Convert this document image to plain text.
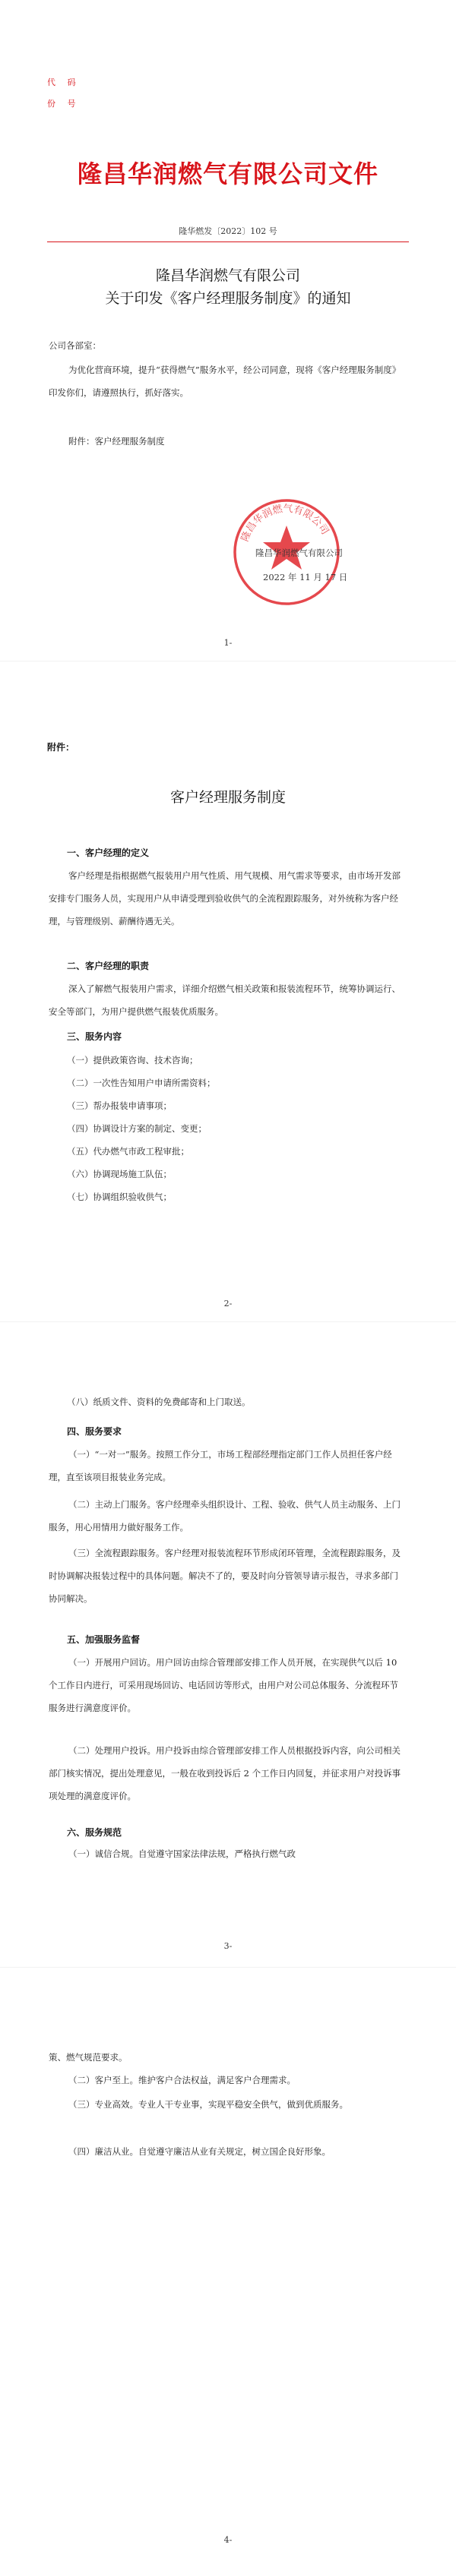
代 码
份 号
隆昌华润燃气有限公司文件
隆华燃发〔2022〕102 号
隆昌华润燃气有限公司
关于印发《客户经理服务制度》的通知
公司各部室：
为优化营商环境，提升“获得燃气”服务水平，经公司同意，现将《客户经理服务制度》印发你们，请遵照执行，抓好落实。
附件：客户经理服务制度
隆昌华润燃气有限公司
隆昌华润燃气有限公司
2022 年 11 月 17 日
1-
附件：
客户经理服务制度
一、客户经理的定义
客户经理是指根据燃气报装用户用气性质、用气规模、用气需求等要求，由市场开发部安排专门服务人员，实现用户从申请受理到验收供气的全流程跟踪服务，对外统称为客户经理，与管理级别、薪酬待遇无关。
二、客户经理的职责
深入了解燃气报装用户需求，详细介绍燃气相关政策和报装流程环节，统筹协调运行、安全等部门，为用户提供燃气报装优质服务。
三、服务内容
（一）提供政策咨询、技术咨询；
（二）一次性告知用户申请所需资料；
（三）帮办报装申请事项；
（四）协调设计方案的制定、变更；
（五）代办燃气市政工程审批；
（六）协调现场施工队伍；
（七）协调组织验收供气；
2-
（八）纸质文件、资料的免费邮寄和上门取送。
四、服务要求
（一）“一对一”服务。按照工作分工，市场工程部经理指定部门工作人员担任客户经理，直至该项目报装业务完成。
（二）主动上门服务。客户经理牵头组织设计、工程、验收、供气人员主动服务、上门服务，用心用情用力做好服务工作。
（三）全流程跟踪服务。客户经理对报装流程环节形成闭环管理，全流程跟踪服务，及时协调解决报装过程中的具体问题。解决不了的，要及时向分管领导请示报告，寻求多部门协同解决。
五、加强服务监督
（一）开展用户回访。用户回访由综合管理部安排工作人员开展，在实现供气以后 10 个工作日内进行，可采用现场回访、电话回访等形式，由用户对公司总体服务、分流程环节服务进行满意度评价。
（二）处理用户投诉。用户投诉由综合管理部安排工作人员根据投诉内容，向公司相关部门核实情况，提出处理意见，一般在收到投诉后 2 个工作日内回复，并征求用户对投诉事项处理的满意度评价。
六、服务规范
（一）诚信合规。自觉遵守国家法律法规，严格执行燃气政
3-
策、燃气规范要求。
（二）客户至上。维护客户合法权益，满足客户合理需求。
（三）专业高效。专业人干专业事，实现平稳安全供气，做到优质服务。
（四）廉洁从业。自觉遵守廉洁从业有关规定，树立国企良好形象。
4-
